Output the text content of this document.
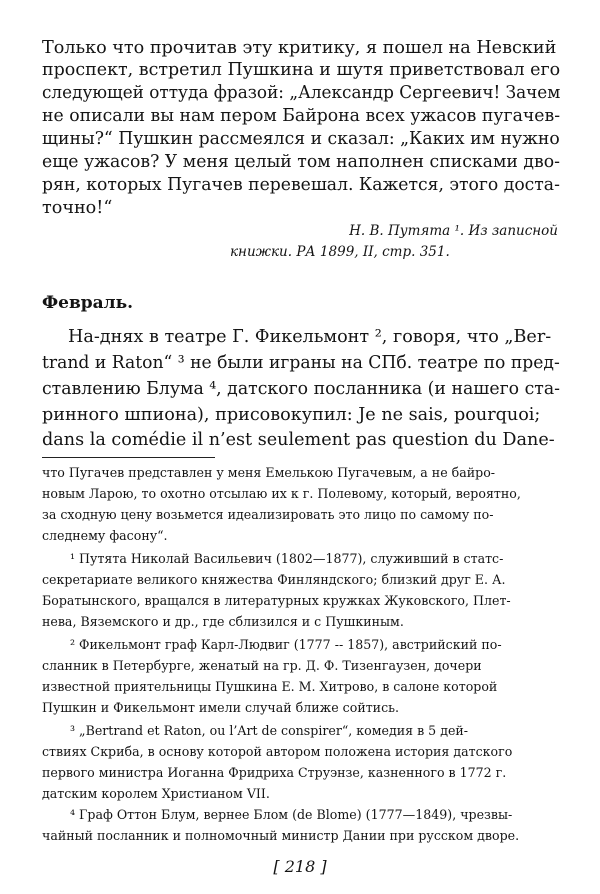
Только что прочитав эту критику, я пошел на Невский
проспект, встретил Пушкина и шутя приветствовал его
следующей оттуда фразой: „Александр Сергеевич! Зачем
не описали вы нам пером Байрона всех ужасов пугачев-
щины?“ Пушкин рассмеялся и сказал: „Каких им нужно
еще ужасов? У меня целый том наполнен списками дво-
рян, которых Пугачев перевешал. Кажется, этого доста-
точно!“
Н. В. Путята ¹. Из записной
книжки. РА 1899, II, стр. 351.
Февраль.
На-днях в театре Г. Фикельмонт ², говоря, что „Ber-
trand и Raton“ ³ не были играны на СПб. театре по пред-
ставлению Блума ⁴, датского посланника (и нашего ста-
ринного шпиона), присовокупил: Je ne sais, pourquoi;
dans la comédie il n’est seulement pas question du Dane-
что Пугачев представлен у меня Емелькою Пугачевым, а не байро-
новым Ларою, то охотно отсылаю их к г. Полевому, который, вероятно,
за сходную цену возьмется идеализировать это лицо по самому по-
следнему фасону“.
¹ Путята Николай Васильевич (1802—1877), служивший в статс-
секретариате великого княжества Финляндского; близкий друг Е. А.
Боратынского, вращался в литературных кружках Жуковского, Плет-
нева, Вяземского и др., где сблизился и с Пушкиным.
² Фикельмонт граф Карл-Людвиг (1777 -- 1857), австрийский по-
сланник в Петербурге, женатый на гр. Д. Ф. Тизенгаузен, дочери
известной приятельницы Пушкина Е. М. Хитрово, в салоне которой
Пушкин и Фикельмонт имели случай ближе сойтись.
³ „Bertrand et Raton, ou l’Art de conspirer“, комедия в 5 дей-
ствиях Скриба, в основу которой автором положена история датского
первого министра Иоганна Фридриха Струэнзе, казненного в 1772 г.
датским королем Христианом VII.
⁴ Граф Оттон Блум, вернее Блом (de Blome) (1777—1849), чрезвы-
чайный посланник и полномочный министр Дании при русском дворе.
[ 218 ]
